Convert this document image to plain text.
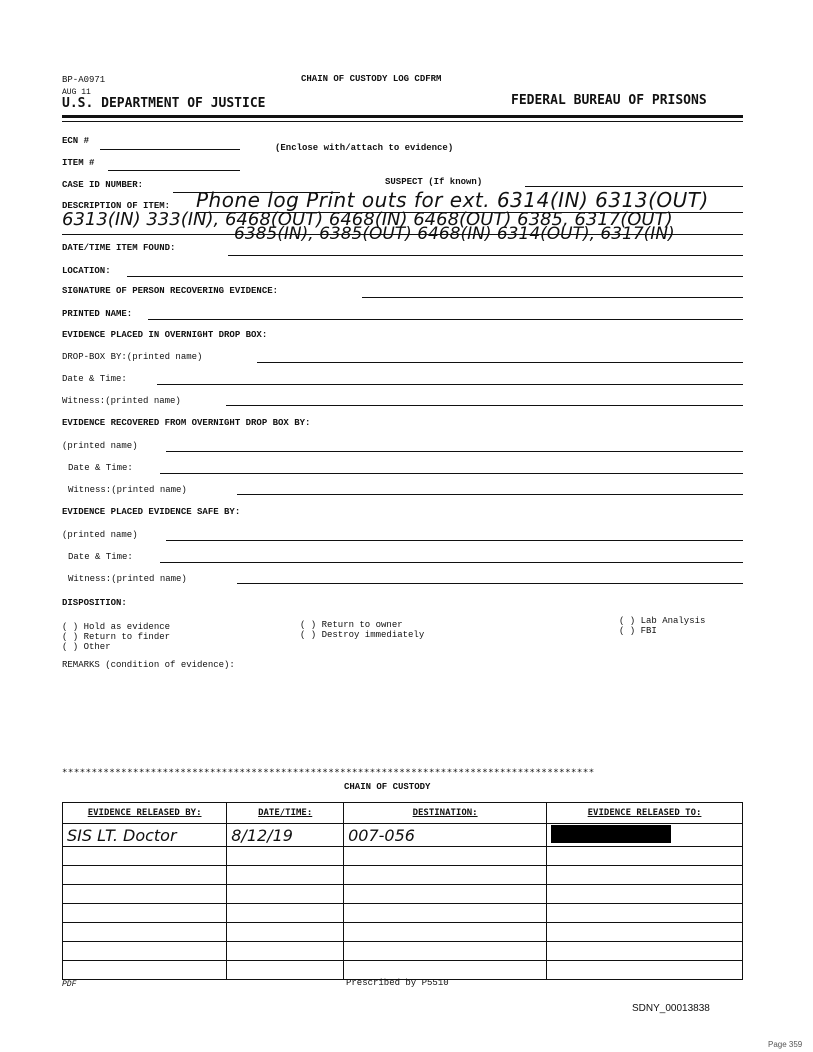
BP-A0971	CHAIN OF CUSTODY LOG CDFRM
AUG 11
U.S. DEPARTMENT OF JUSTICE	FEDERAL BUREAU OF PRISONS
ECN #
(Enclose with/attach to evidence)
ITEM #
CASE ID NUMBER:	SUSPECT (If known)
DESCRIPTION OF ITEM: Phone log Print outs for ext. 6314(IN) 6313(OUT)
6313(IN) 333(IN), 6468(OUT) 6468(IN) 6468(OUT) 6385, 6317(OUT)
6385(IN), 6385(OUT) 6468(IN) 6314(OUT), 6317(IN)
DATE/TIME ITEM FOUND:
LOCATION:
SIGNATURE OF PERSON RECOVERING EVIDENCE:
PRINTED NAME:
EVIDENCE PLACED IN OVERNIGHT DROP BOX:
DROP-BOX BY:(printed name)
Date & Time:
Witness:(printed name)
EVIDENCE RECOVERED FROM OVERNIGHT DROP BOX BY:
(printed name)
Date & Time:
Witness:(printed name)
EVIDENCE PLACED EVIDENCE SAFE BY:
(printed name)
Date & Time:
Witness:(printed name)
DISPOSITION:
( ) Hold as evidence
( ) Return to finder
( ) Other
( ) Return to owner
( ) Destroy immediately
( ) Lab Analysis
( ) FBI
REMARKS (condition of evidence):
******************************************************************************************
CHAIN OF CUSTODY
EVIDENCE RELEASED BY:	DATE/TIME:	DESTINATION:	EVIDENCE RELEASED TO:
SIS LT. Doctor	8/12/19	007-056	

PDF	Prescribed by P5510
SDNY_00013838
Page 359
